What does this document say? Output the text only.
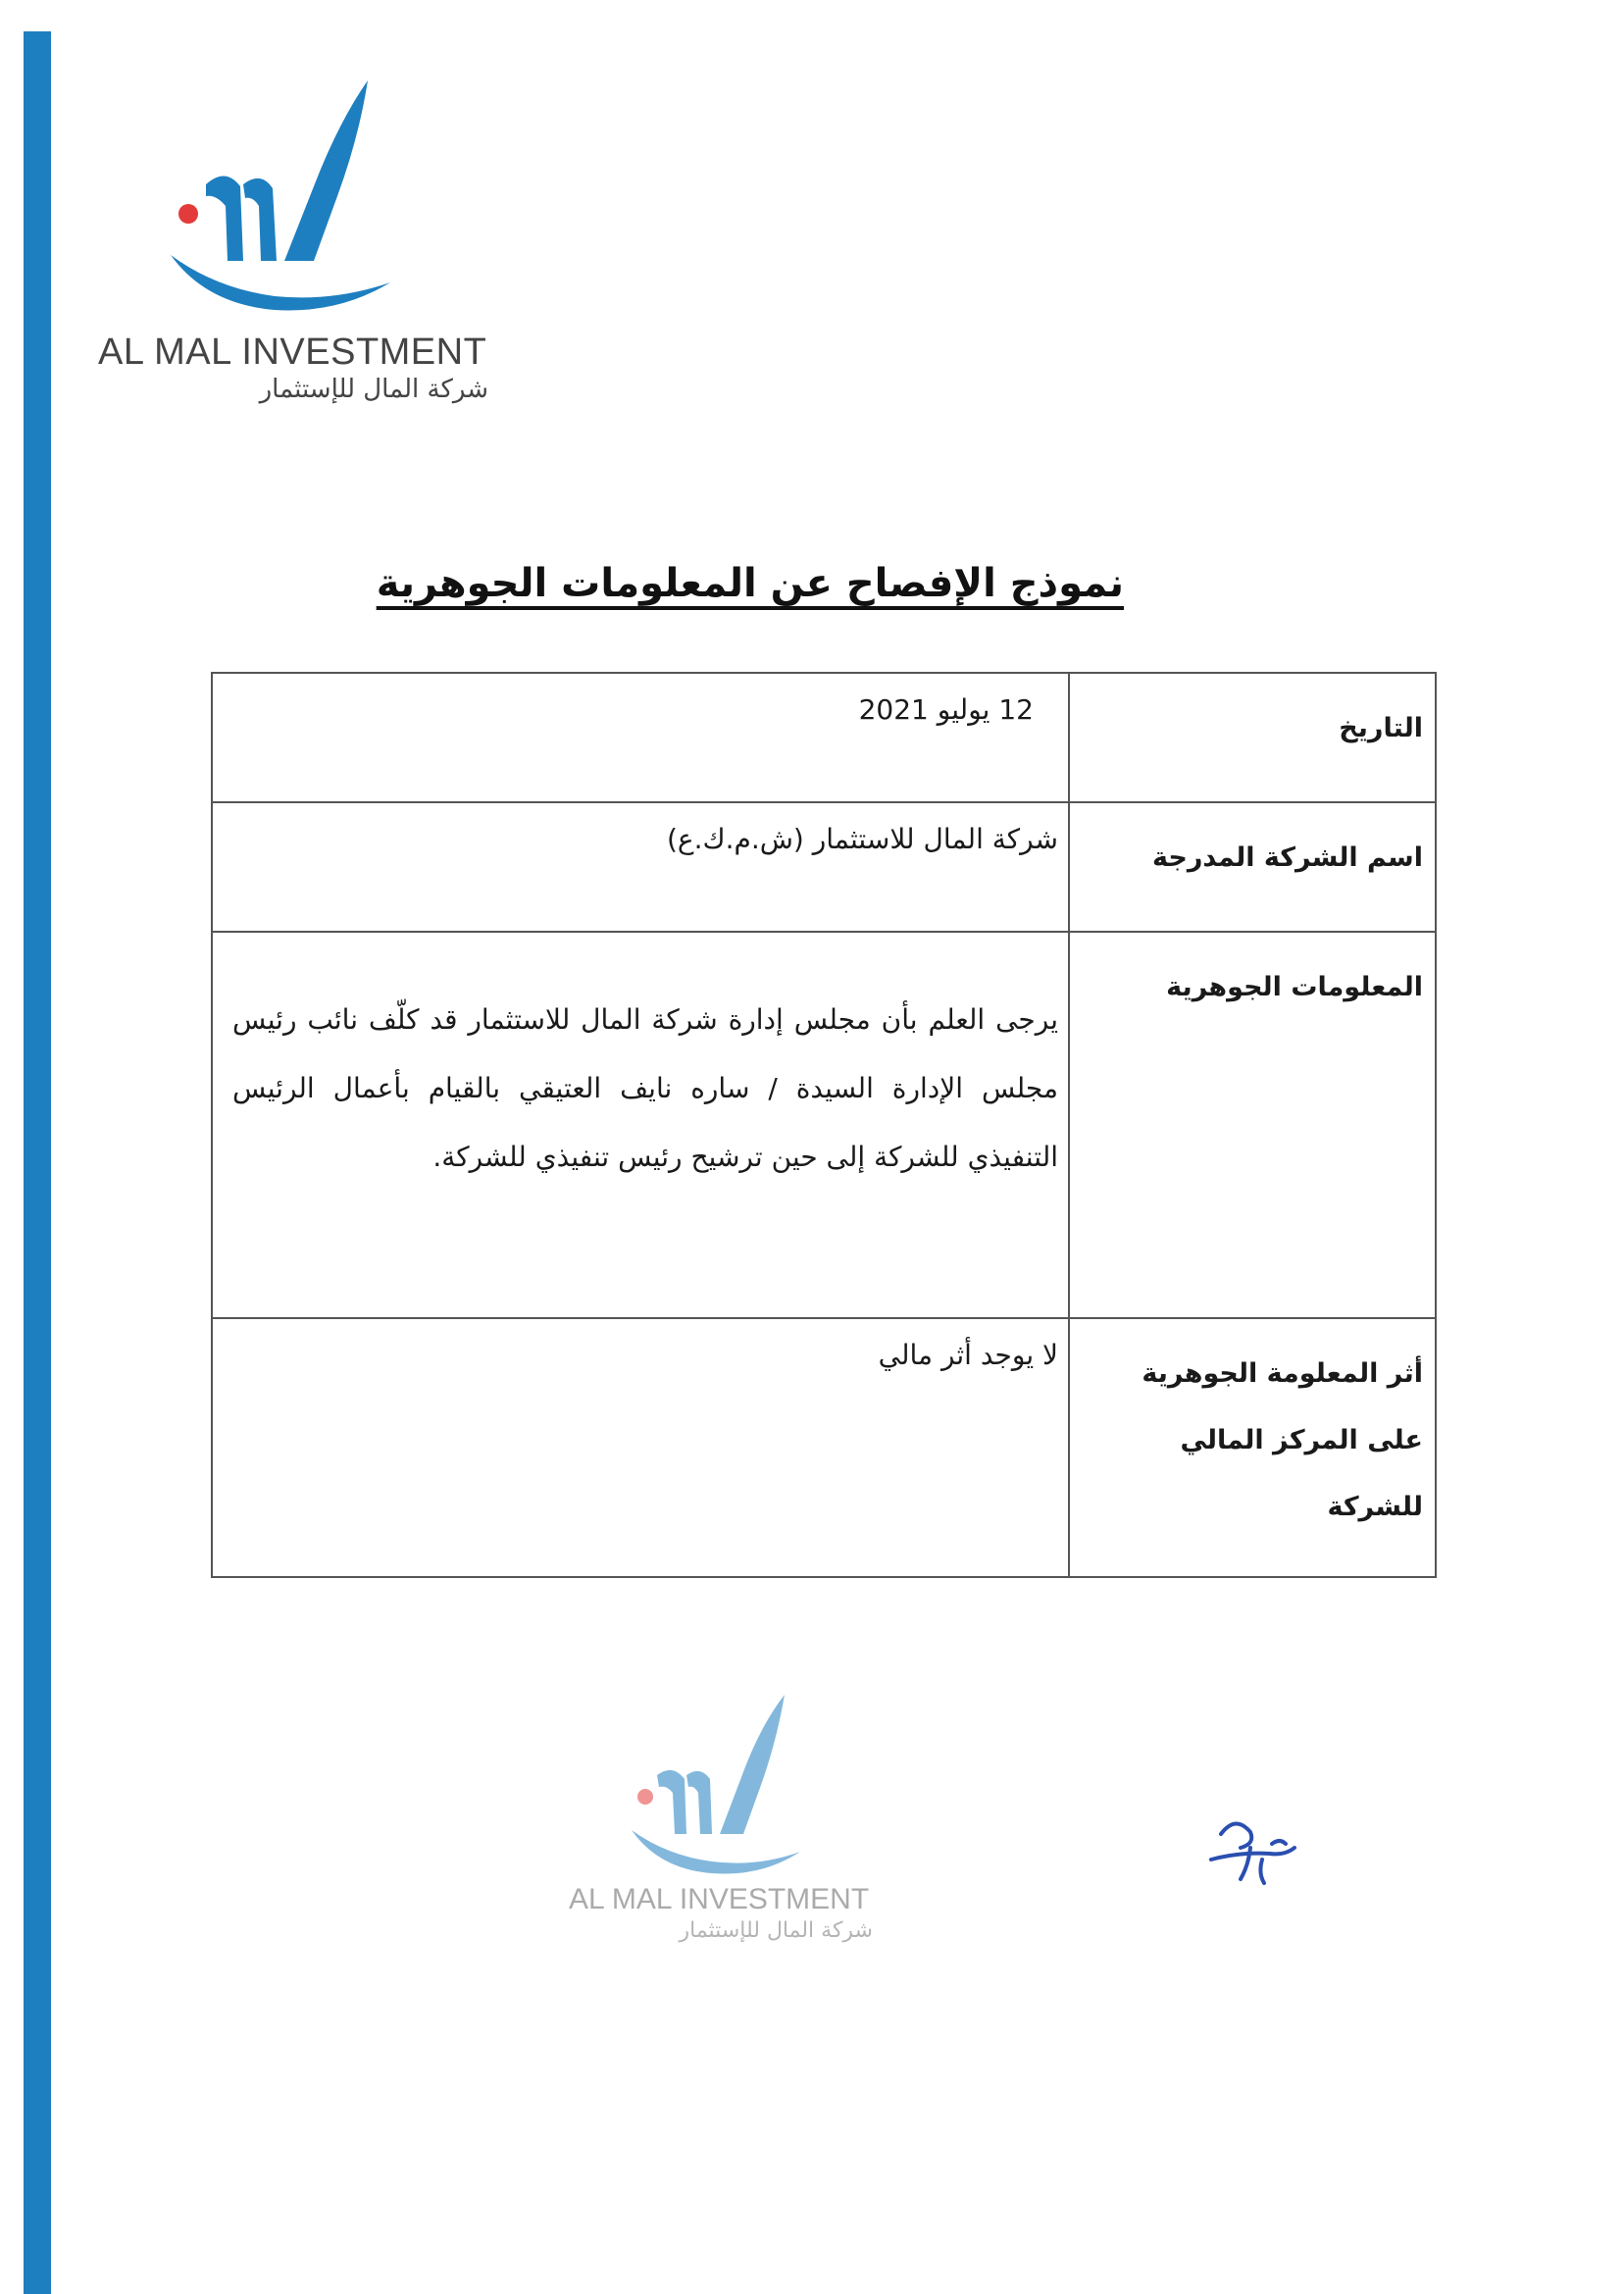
AL MAL INVESTMENT
شركة المال للإستثمار
نموذج الإفصاح عن المعلومات الجوهرية
التاريخ	12 يوليو 2021
اسم الشركة المدرجة	شركة المال للاستثمار (ش.م.ك.ع)
المعلومات الجوهرية	يرجى العلم بأن مجلس إدارة شركة المال للاستثمار قد كلّف نائب رئيس مجلس الإدارة السيدة / ساره نايف العتيقي بالقيام بأعمال الرئيس التنفيذي للشركة إلى حين ترشيح رئيس تنفيذي للشركة.

أثر المعلومة الجوهرية على المركز المالي للشركة	لا يوجد أثر مالي
AL MAL INVESTMENT
شركة المال للإستثمار
